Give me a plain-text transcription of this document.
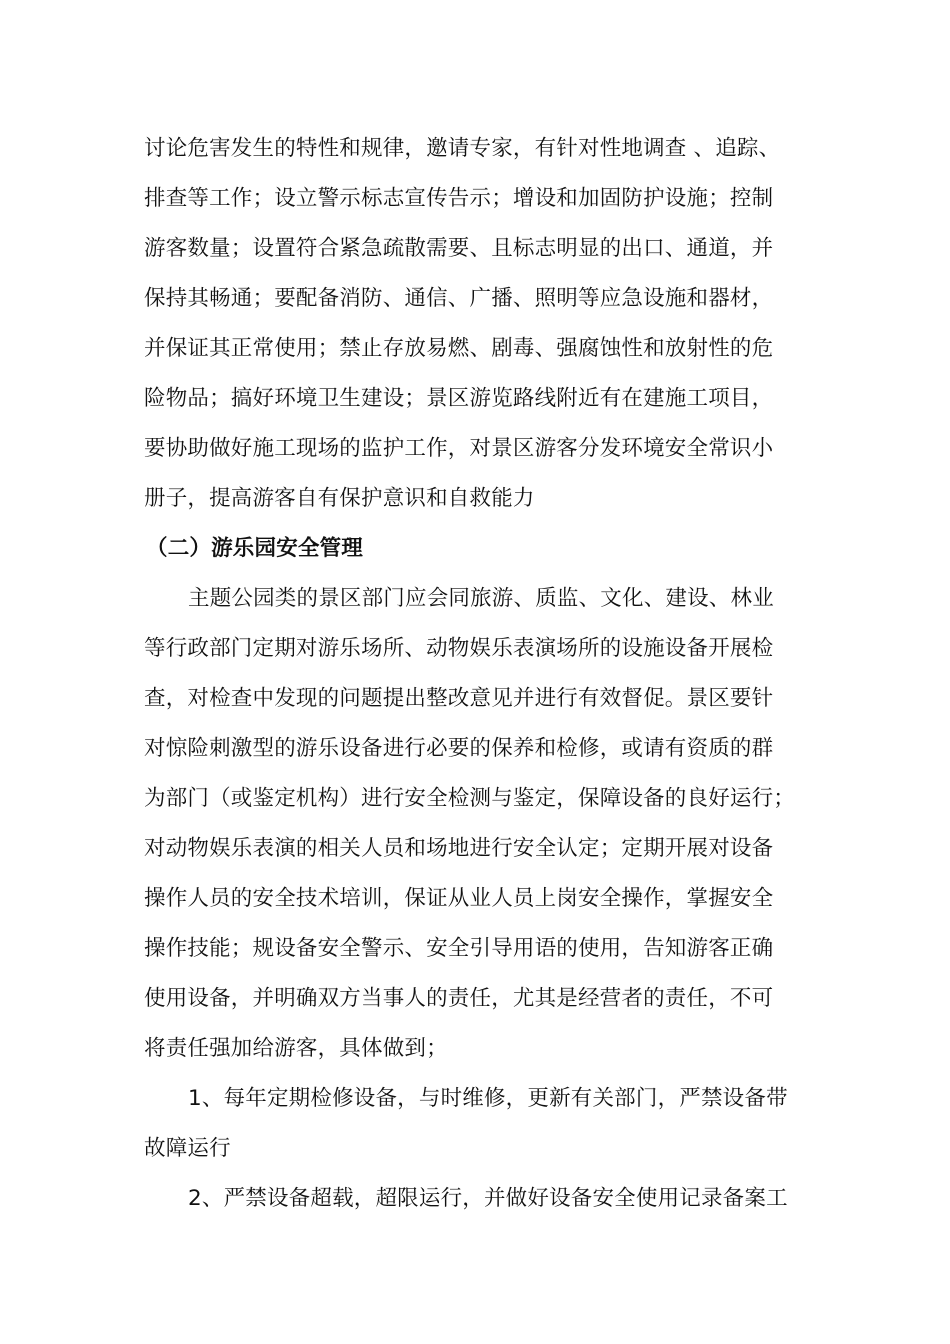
讨论危害发生的特性和规律，邀请专家，有针对性地调查 、追踪、
排查等工作；设立警示标志宣传告示；增设和加固防护设施；控制
游客数量；设置符合紧急疏散需要、且标志明显的出口、通道，并
保持其畅通；要配备消防、通信、广播、照明等应急设施和器材，
并保证其正常使用；禁止存放易燃、剧毒、强腐蚀性和放射性的危
险物品；搞好环境卫生建设；景区游览路线附近有在建施工项目，
要协助做好施工现场的监护工作，对景区游客分发环境安全常识小
册子，提高游客自有保护意识和自救能力
（二）游乐园安全管理
主题公园类的景区部门应会同旅游、质监、文化、建设、林业
等行政部门定期对游乐场所、动物娱乐表演场所的设施设备开展检
查，对检查中发现的问题提出整改意见并进行有效督促。景区要针
对惊险刺激型的游乐设备进行必要的保养和检修，或请有资质的群
为部门（或鉴定机构）进行安全检测与鉴定，保障设备的良好运行；
对动物娱乐表演的相关人员和场地进行安全认定；定期开展对设备
操作人员的安全技术培训，保证从业人员上岗安全操作，掌握安全
操作技能；规设备安全警示、安全引导用语的使用，告知游客正确
使用设备，并明确双方当事人的责任，尤其是经营者的责任，不可
将责任强加给游客，具体做到；
1、每年定期检修设备，与时维修，更新有关部门，严禁设备带
故障运行
2、严禁设备超载，超限运行，并做好设备安全使用记录备案工
